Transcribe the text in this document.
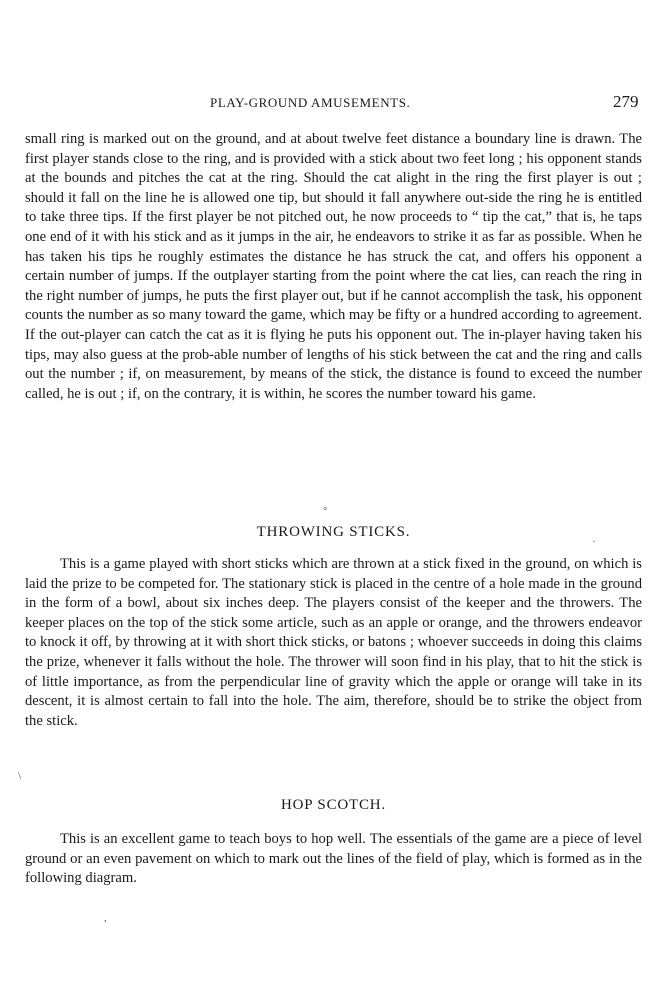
PLAY-GROUND AMUSEMENTS.	279

small ring is marked out on the ground, and at about twelve feet distance a boundary line is drawn. The first player stands close to the ring, and is provided with a stick about two feet long ; his opponent stands at the bounds and pitches the cat at the ring. Should the cat alight in the ring the first player is out ; should it fall on the line he is allowed one tip, but should it fall anywhere out-side the ring he is entitled to take three tips. If the first player be not pitched out, he now proceeds to “ tip the cat,” that is, he taps one end of it with his stick and as it jumps in the air, he endeavors to strike it as far as possible. When he has taken his tips he roughly estimates the distance he has struck the cat, and offers his opponent a certain number of jumps. If the outplayer starting from the point where the cat lies, can reach the ring in the right number of jumps, he puts the first player out, but if he cannot accomplish the task, his opponent counts the number as so many toward the game, which may be fifty or a hundred according to agreement. If the out-player can catch the cat as it is flying he puts his opponent out. The in-player having taken his tips, may also guess at the prob-able number of lengths of his stick between the cat and the ring and calls out the number ; if, on measurement, by means of the stick, the distance is found to exceed the number called, he is out ; if, on the contrary, it is within, he scores the number toward his game.

THROWING STICKS.

This is a game played with short sticks which are thrown at a stick fixed in the ground, on which is laid the prize to be competed for. The stationary stick is placed in the centre of a hole made in the ground in the form of a bowl, about six inches deep. The players consist of the keeper and the throwers. The keeper places on the top of the stick some article, such as an apple or orange, and the throwers endeavor to knock it off, by throwing at it with short thick sticks, or batons ; whoever succeeds in doing this claims the prize, whenever it falls without the hole. The thrower will soon find in his play, that to hit the stick is of little importance, as from the perpendicular line of gravity which the apple or orange will take in its descent, it is almost certain to fall into the hole. The aim, therefore, should be to strike the object from the stick.

HOP SCOTCH.

This is an excellent game to teach boys to hop well. The essentials of the game are a piece of level ground or an even pavement on which to mark out the lines of the field of play, which is formed as in the following diagram.

°
·
\
,
